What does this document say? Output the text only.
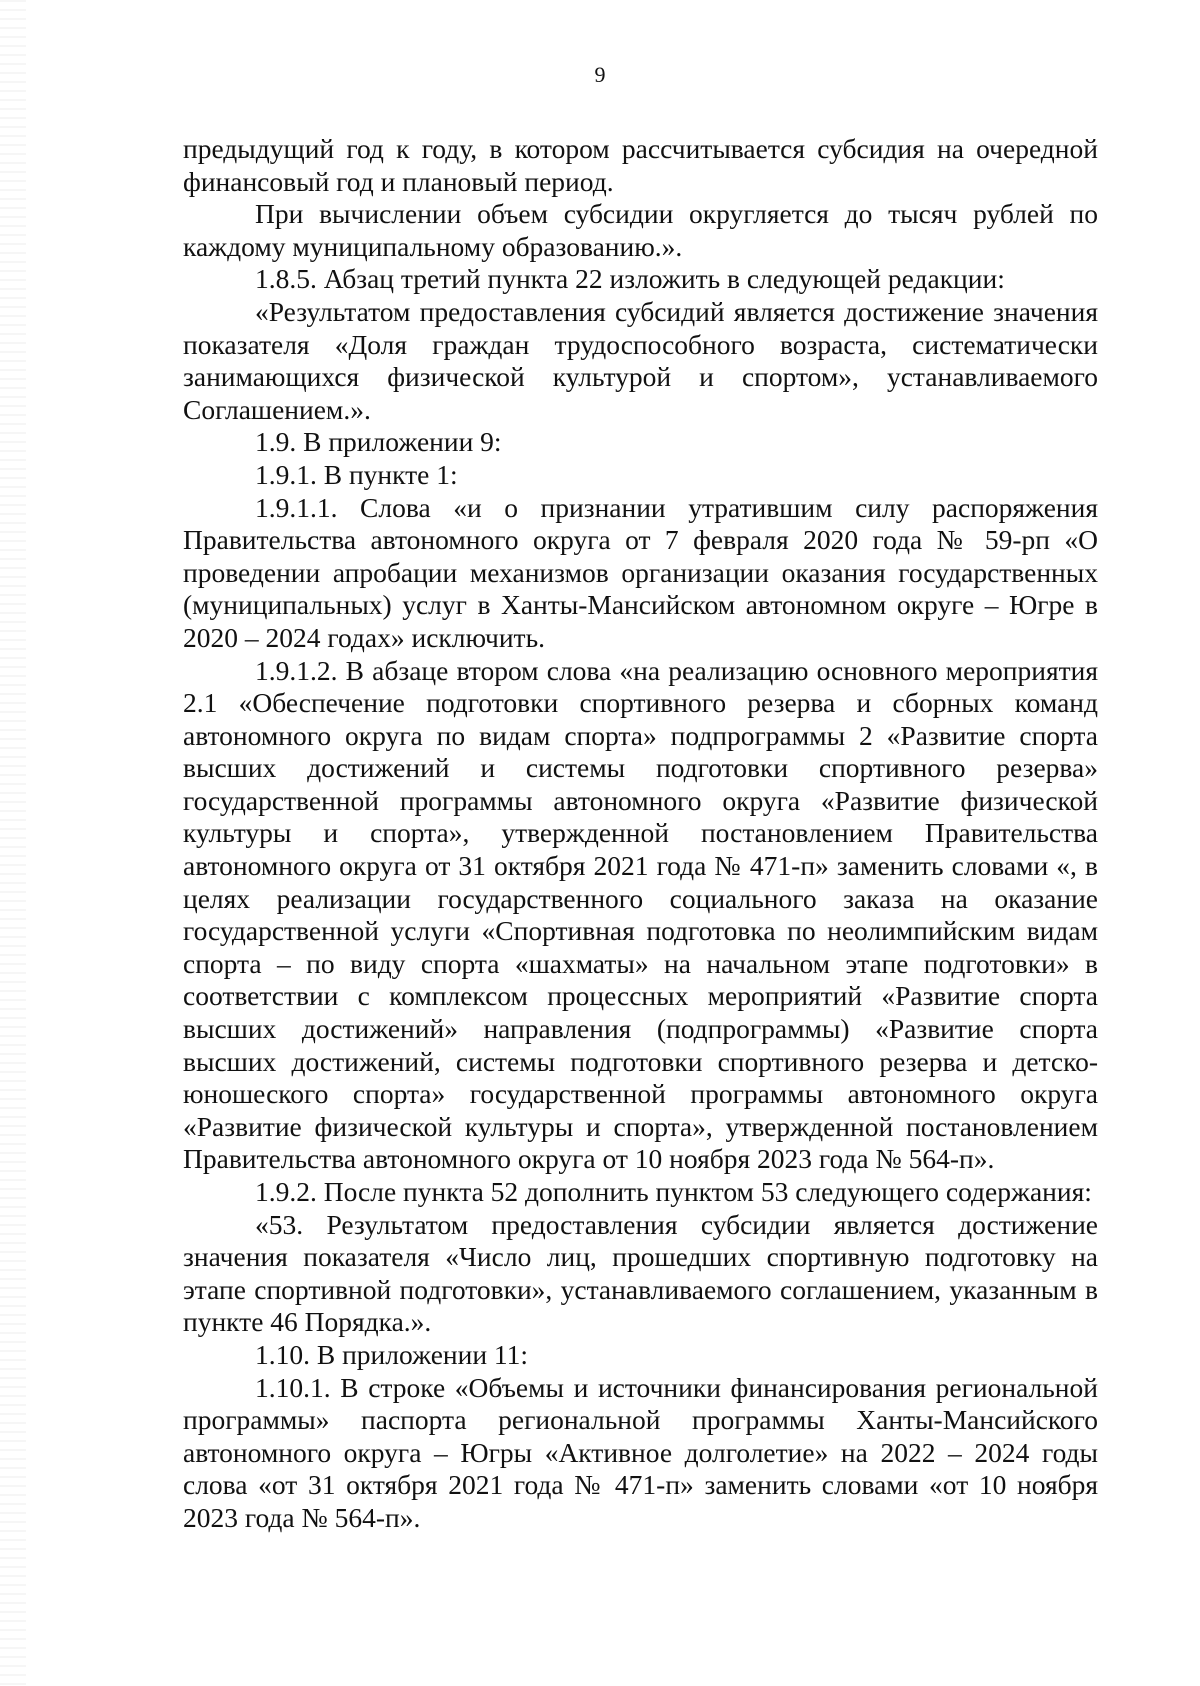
9

предыдущий год к году, в котором рассчитывается субсидия на очередной финансовый год и плановый период.

При вычислении объем субсидии округляется до тысяч рублей по каждому муниципальному образованию.».

1.8.5. Абзац третий пункта 22 изложить в следующей редакции:

«Результатом предоставления субсидий является достижение значения показателя «Доля граждан трудоспособного возраста, систематически занимающихся физической культурой и спортом», устанавливаемого Соглашением.».

1.9. В приложении 9:

1.9.1. В пункте 1:

1.9.1.1. Слова «и о признании утратившим силу распоряжения Правительства автономного округа от 7 февраля 2020 года № 59-рп «О проведении апробации механизмов организации оказания государственных (муниципальных) услуг в Ханты-Мансийском автономном округе – Югре в 2020 – 2024 годах» исключить.

1.9.1.2. В абзаце втором слова «на реализацию основного мероприятия 2.1 «Обеспечение подготовки спортивного резерва и сборных команд автономного округа по видам спорта» подпрограммы 2 «Развитие спорта высших достижений и системы подготовки спортивного резерва» государственной программы автономного округа «Развитие физической культуры и спорта», утвержденной постановлением Правительства автономного округа от 31 октября 2021 года № 471-п» заменить словами «, в целях реализации государственного социального заказа на оказание государственной услуги «Спортивная подготовка по неолимпийским видам спорта – по виду спорта «шахматы» на начальном этапе подготовки» в соответствии с комплексом процессных мероприятий «Развитие спорта высших достижений» направления (подпрограммы) «Развитие спорта высших достижений, системы подготовки спортивного резерва и детско-юношеского спорта» государственной программы автономного округа «Развитие физической культуры и спорта», утвержденной постановлением Правительства автономного округа от 10 ноября 2023 года № 564-п».

1.9.2. После пункта 52 дополнить пунктом 53 следующего содержания:

«53. Результатом предоставления субсидии является достижение значения показателя «Число лиц, прошедших спортивную подготовку на этапе спортивной подготовки», устанавливаемого соглашением, указанным в пункте 46 Порядка.».

1.10. В приложении 11:

1.10.1. В строке «Объемы и источники финансирования региональной программы» паспорта региональной программы Ханты-Мансийского автономного округа – Югры «Активное долголетие» на 2022 – 2024 годы слова «от 31 октября 2021 года № 471-п» заменить словами «от 10 ноября 2023 года № 564-п».
